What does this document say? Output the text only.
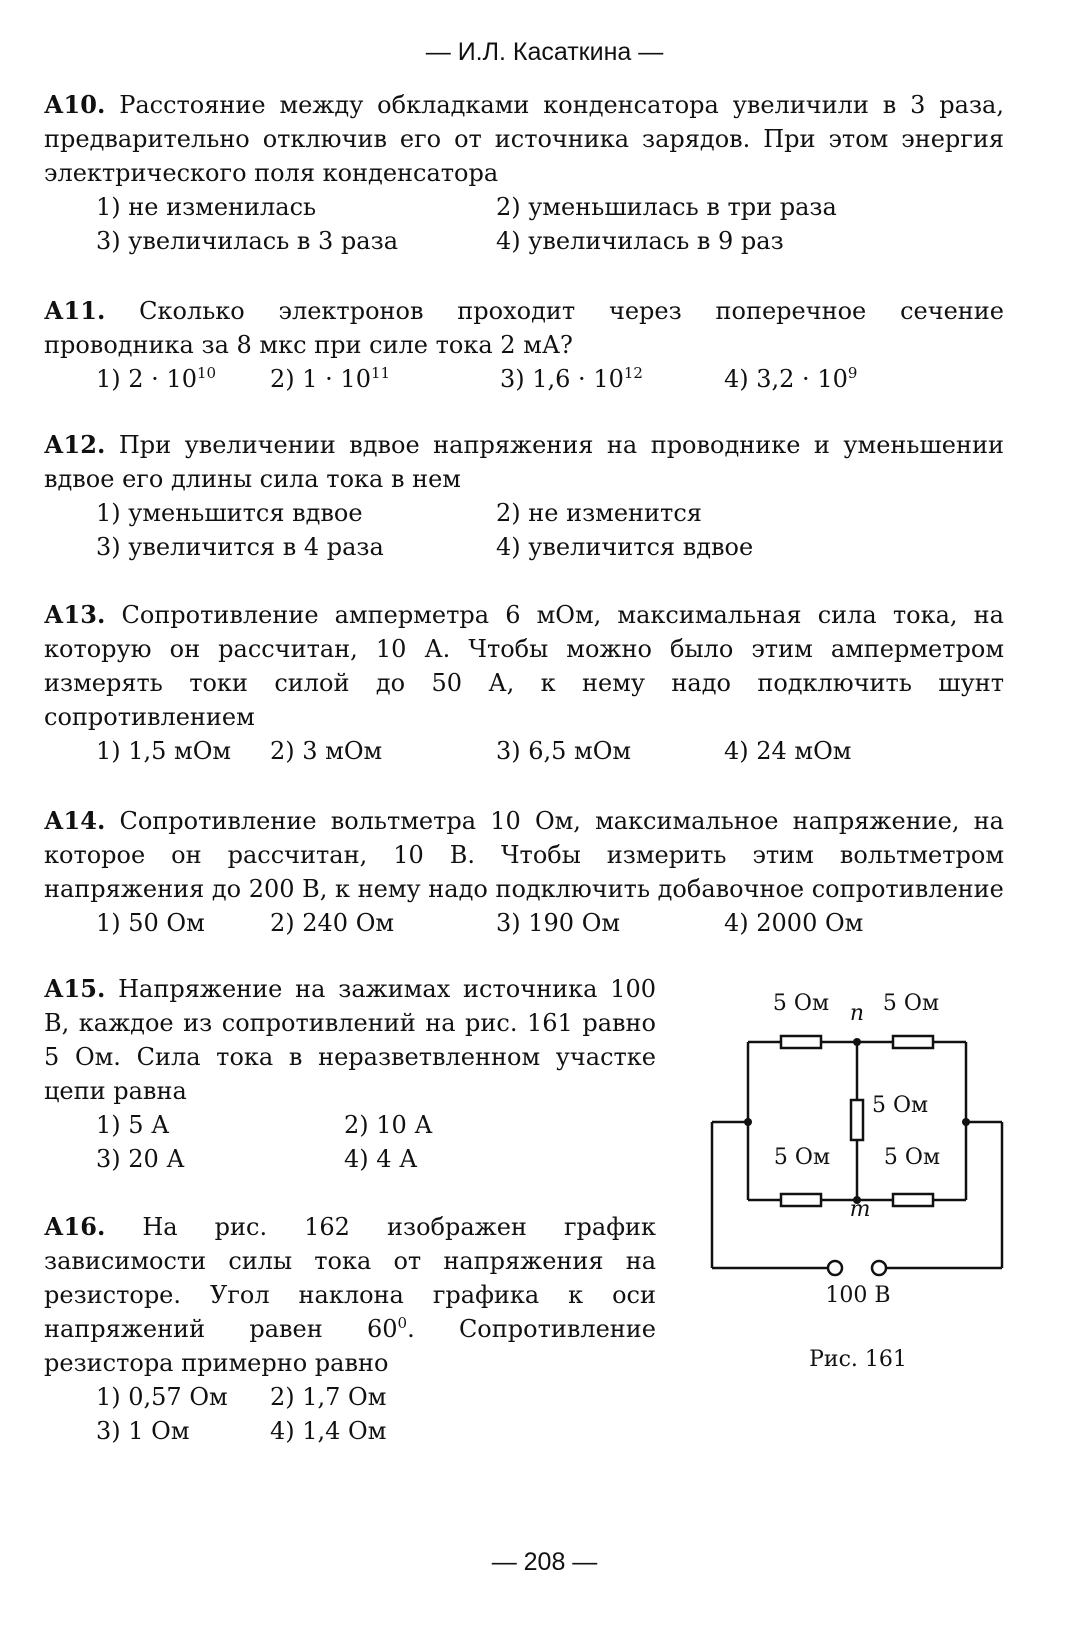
— И.Л. Касаткина —
А10. Расстояние между обкладками конденсатора увеличили в 3 раза, предварительно отключив его от источника зарядов. При этом энергия электрического поля конденсатора
1) не изменилась	2) уменьшилась в три раза
3) увеличилась в 3 раза	4) увеличилась в 9 раз
А11. Сколько электронов проходит через поперечное сечение проводника за 8 мкс при силе тока 2 мА?
1) $2 \cdot 10^{10}$ 2) $1 \cdot 10^{11}$	3) $1,6 \cdot 10^{12}$	4) $3,2 \cdot 10^9$
А12. При увеличении вдвое напряжения на проводнике и уменьшении вдвое его длины сила тока в нем
1) уменьшится вдвое	2) не изменится
3) увеличится в 4 раза	4) увеличится вдвое
А13. Сопротивление амперметра 6 мОм, максимальная сила тока, на которую он рассчитан, 10 А. Чтобы можно было этим амперметром измерять токи силой до 50 А, к нему надо подключить шунт сопротивлением
1) 1,5 мОм 2) 3 мОм	3) 6,5 мОм	4) 24 мОм
А14. Сопротивление вольтметра 10 Ом, максимальное напряжение, на которое он рассчитан, 10 В. Чтобы измерить этим вольтметром напряжения до 200 В, к нему надо подключить добавочное сопротивление
1) 50 Ом	2) 240 Ом	3) 190 Ом	4) 2000 Ом
А15. Напряжение на зажимах источника 100 В, каждое из сопротивлений на рис. 161 равно 5 Ом. Сила тока в неразветвленном участке цепи равна
1) 5 А	2) 10 А
3) 20 А	4) 4 А
А16. На рис. 162 изображен график зависимости силы тока от напряжения на резисторе. Угол наклона графика к оси напряжений равен $60^0$. Сопротивление резистора примерно равно
1) 0,57 Ом 2) 1,7 Ом
3) 1 Ом	4) 1,4 Ом
5 Ом 5 Ом
n
5 Ом
5 Ом 5 Ом
m
100 В
Рис. 161
— 208 —
